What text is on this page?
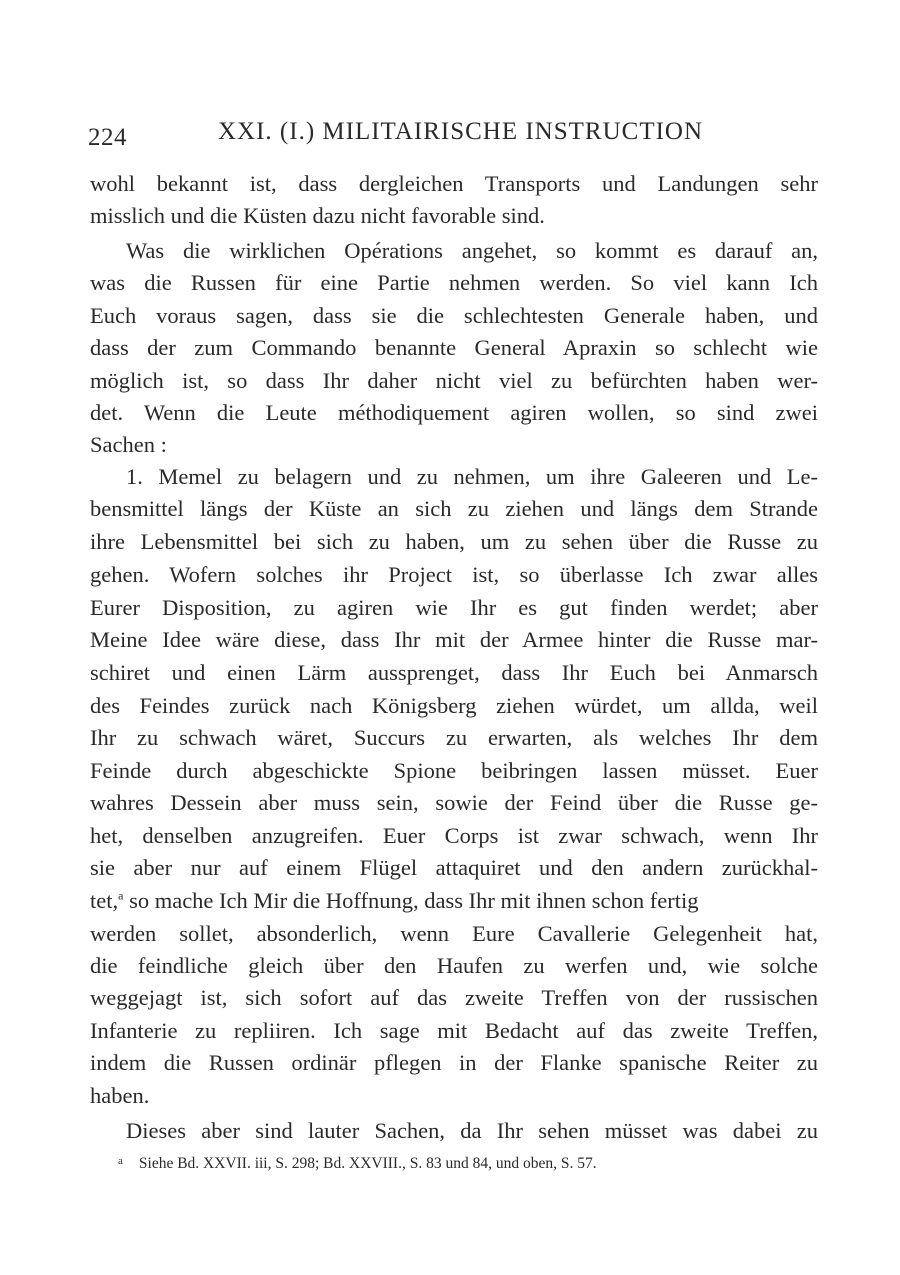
224	XXI. (I.) MILITAIRISCHE INSTRUCTION
wohl bekannt ist, dass dergleichen Transports und Landungen sehr
misslich und die Küsten dazu nicht favorable sind.
Was die wirklichen Opérations angehet, so kommt es darauf an,
was die Russen für eine Partie nehmen werden. So viel kann Ich
Euch voraus sagen, dass sie die schlechtesten Generale haben, und
dass der zum Commando benannte General Apraxin so schlecht wie
möglich ist, so dass Ihr daher nicht viel zu befürchten haben wer-
det. Wenn die Leute méthodiquement agiren wollen, so sind zwei
Sachen :
1. Memel zu belagern und zu nehmen, um ihre Galeeren und Le-
bensmittel längs der Küste an sich zu ziehen und längs dem Strande
ihre Lebensmittel bei sich zu haben, um zu sehen über die Russe zu
gehen. Wofern solches ihr Project ist, so überlasse Ich zwar alles
Eurer Disposition, zu agiren wie Ihr es gut finden werdet; aber
Meine Idee wäre diese, dass Ihr mit der Armee hinter die Russe mar-
schiret und einen Lärm aussprenget, dass Ihr Euch bei Anmarsch
des Feindes zurück nach Königsberg ziehen würdet, um allda, weil
Ihr zu schwach wäret, Succurs zu erwarten, als welches Ihr dem
Feinde durch abgeschickte Spione beibringen lassen müsset. Euer
wahres Dessein aber muss sein, sowie der Feind über die Russe ge-
het, denselben anzugreifen. Euer Corps ist zwar schwach, wenn Ihr
sie aber nur auf einem Flügel attaquiret und den andern zurückhal-
tet,$^a$ so mache Ich Mir die Hoffnung, dass Ihr mit ihnen schon fertig
werden sollet, absonderlich, wenn Eure Cavallerie Gelegenheit hat,
die feindliche gleich über den Haufen zu werfen und, wie solche
weggejagt ist, sich sofort auf das zweite Treffen von der russischen
Infanterie zu repliiren. Ich sage mit Bedacht auf das zweite Treffen,
indem die Russen ordinär pflegen in der Flanke spanische Reiter zu
haben.
Dieses aber sind lauter Sachen, da Ihr sehen müsset was dabei zu
$^a$ Siehe Bd. XXVII. iii, S. 298; Bd. XXVIII., S. 83 und 84, und oben, S. 57.
